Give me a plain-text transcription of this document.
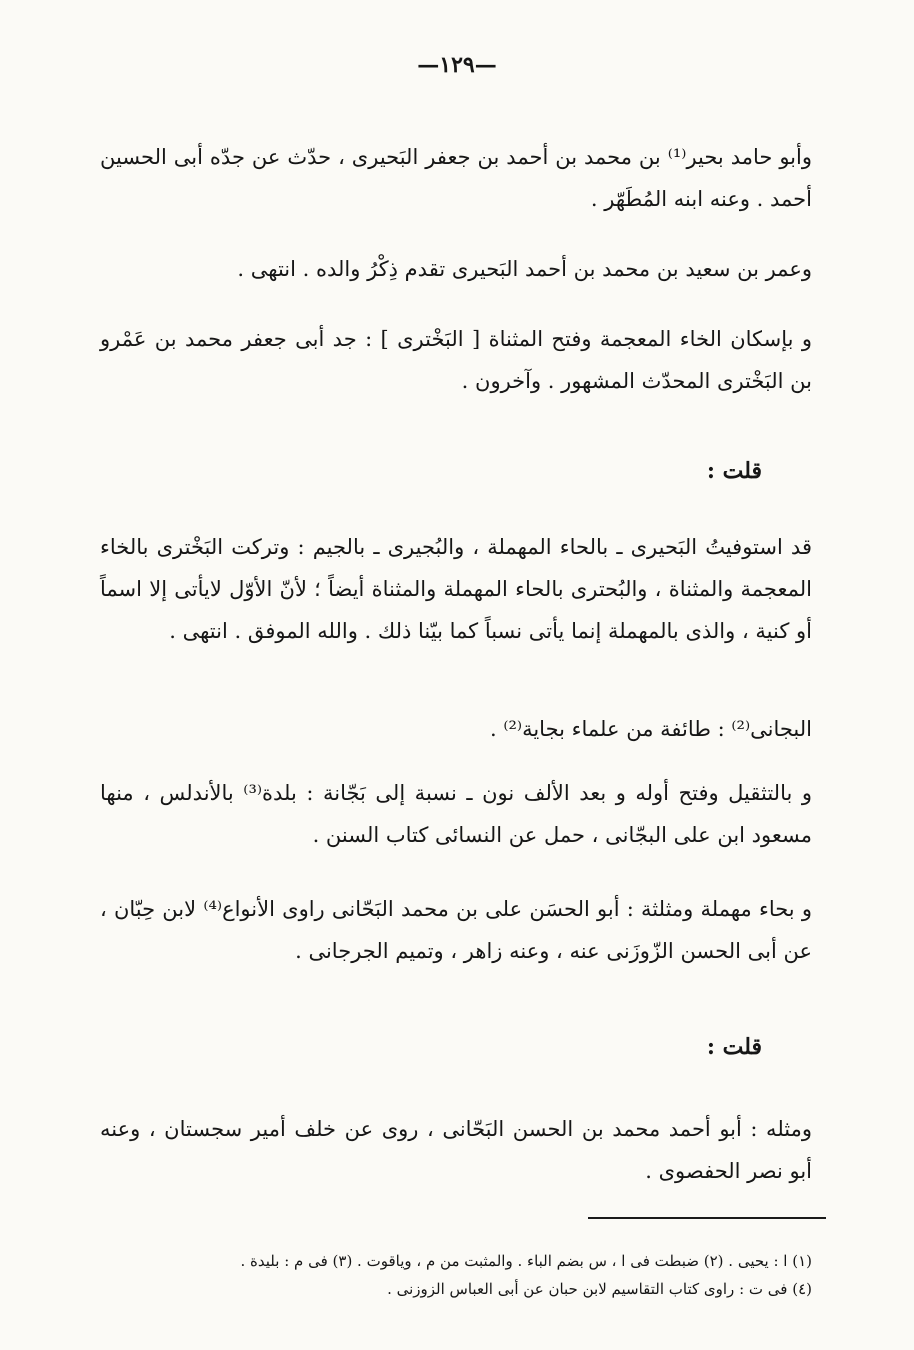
—١٢٩—

وأبو حامد بحير⁽¹⁾ بن محمد بن أحمد بن جعفر البَحيرى ، حدّث عن جدّه أبى الحسين أحمد . وعنه ابنه المُطَهّر .

وعمر بن سعيد بن محمد بن أحمد البَحيرى تقدم ذِكْرُ والده . انتهى .

و بإسكان الخاء المعجمة وفتح المثناة [ البَخْترى ] : جد أبى جعفر محمد بن عَمْرو بن البَخْترى المحدّث المشهور . وآخرون .

قلت :

قد استوفيتُ البَحيرى ـ بالحاء المهملة ، والبُجيرى ـ بالجيم : وتركت البَخْترى بالخاء المعجمة والمثناة ، والبُحترى بالحاء المهملة والمثناة أيضاً ؛ لأنّ الأوّل لايأتى إلا اسماً أو كنية ، والذى بالمهملة إنما يأتى نسباً كما بيّنا ذلك . والله الموفق . انتهى .

البجانى⁽²⁾ : طائفة من علماء بجاية⁽²⁾ .

و بالتثقيل وفتح أوله و بعد الألف نون ـ نسبة إلى بَجّانة : بلدة⁽³⁾ بالأندلس ، منها مسعود ابن على البجّانى ، حمل عن النسائى كتاب السنن .

و بحاء مهملة ومثلثة : أبو الحسَن على بن محمد البَحّانى راوى الأنواع⁽⁴⁾ لابن حِبّان ، عن أبى الحسن الزّوزَنى عنه ، وعنه زاهر ، وتميم الجرجانى .

قلت :

ومثله : أبو أحمد محمد بن الحسن البَحّانى ، روى عن خلف أمير سجستان ، وعنه أبو نصر الحفصوى .

(١) ا : يحيى . (٢) ضبطت فى ا ، س بضم الباء . والمثبت من م ، وياقوت . (٣) فى م : بليدة .
(٤) فى ت : راوى كتاب التقاسيم لابن حبان عن أبى العباس الزوزنى .
